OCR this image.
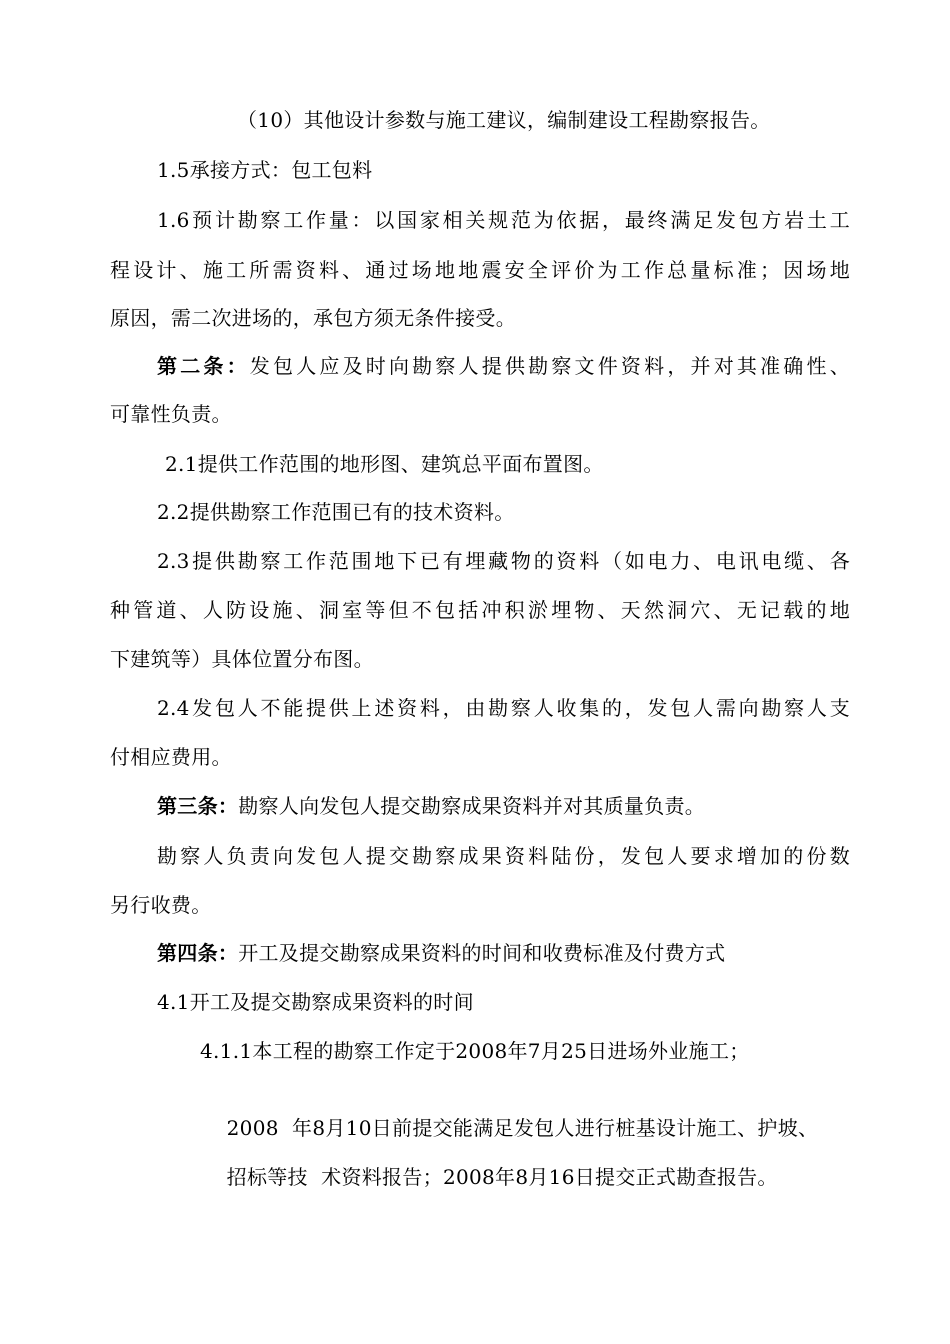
（10）其他设计参数与施工建议，编制建设工程勘察报告。
1.5承接方式：包工包料
1.6预计勘察工作量：以国家相关规范为依据，最终满足发包方岩土工
程设计、施工所需资料、通过场地地震安全评价为工作总量标准；因场地
原因，需二次进场的，承包方须无条件接受。
第二条：发包人应及时向勘察人提供勘察文件资料，并对其准确性、
可靠性负责。
2.1提供工作范围的地形图、建筑总平面布置图。
2.2提供勘察工作范围已有的技术资料。
2.3提供勘察工作范围地下已有埋藏物的资料（如电力、电讯电缆、各
种管道、人防设施、洞室等但不包括冲积淤埋物、天然洞穴、无记载的地
下建筑等）具体位置分布图。
2.4发包人不能提供上述资料，由勘察人收集的，发包人需向勘察人支
付相应费用。
第三条：勘察人向发包人提交勘察成果资料并对其质量负责。
勘察人负责向发包人提交勘察成果资料陆份，发包人要求增加的份数
另行收费。
第四条：开工及提交勘察成果资料的时间和收费标准及付费方式
4.1开工及提交勘察成果资料的时间
4.1.1本工程的勘察工作定于2008年7月25日进场外业施工；

2008  年8月10日前提交能满足发包人进行桩基设计施工、护坡、

招标等技  术资料报告；2008年8月16日提交正式勘查报告。
